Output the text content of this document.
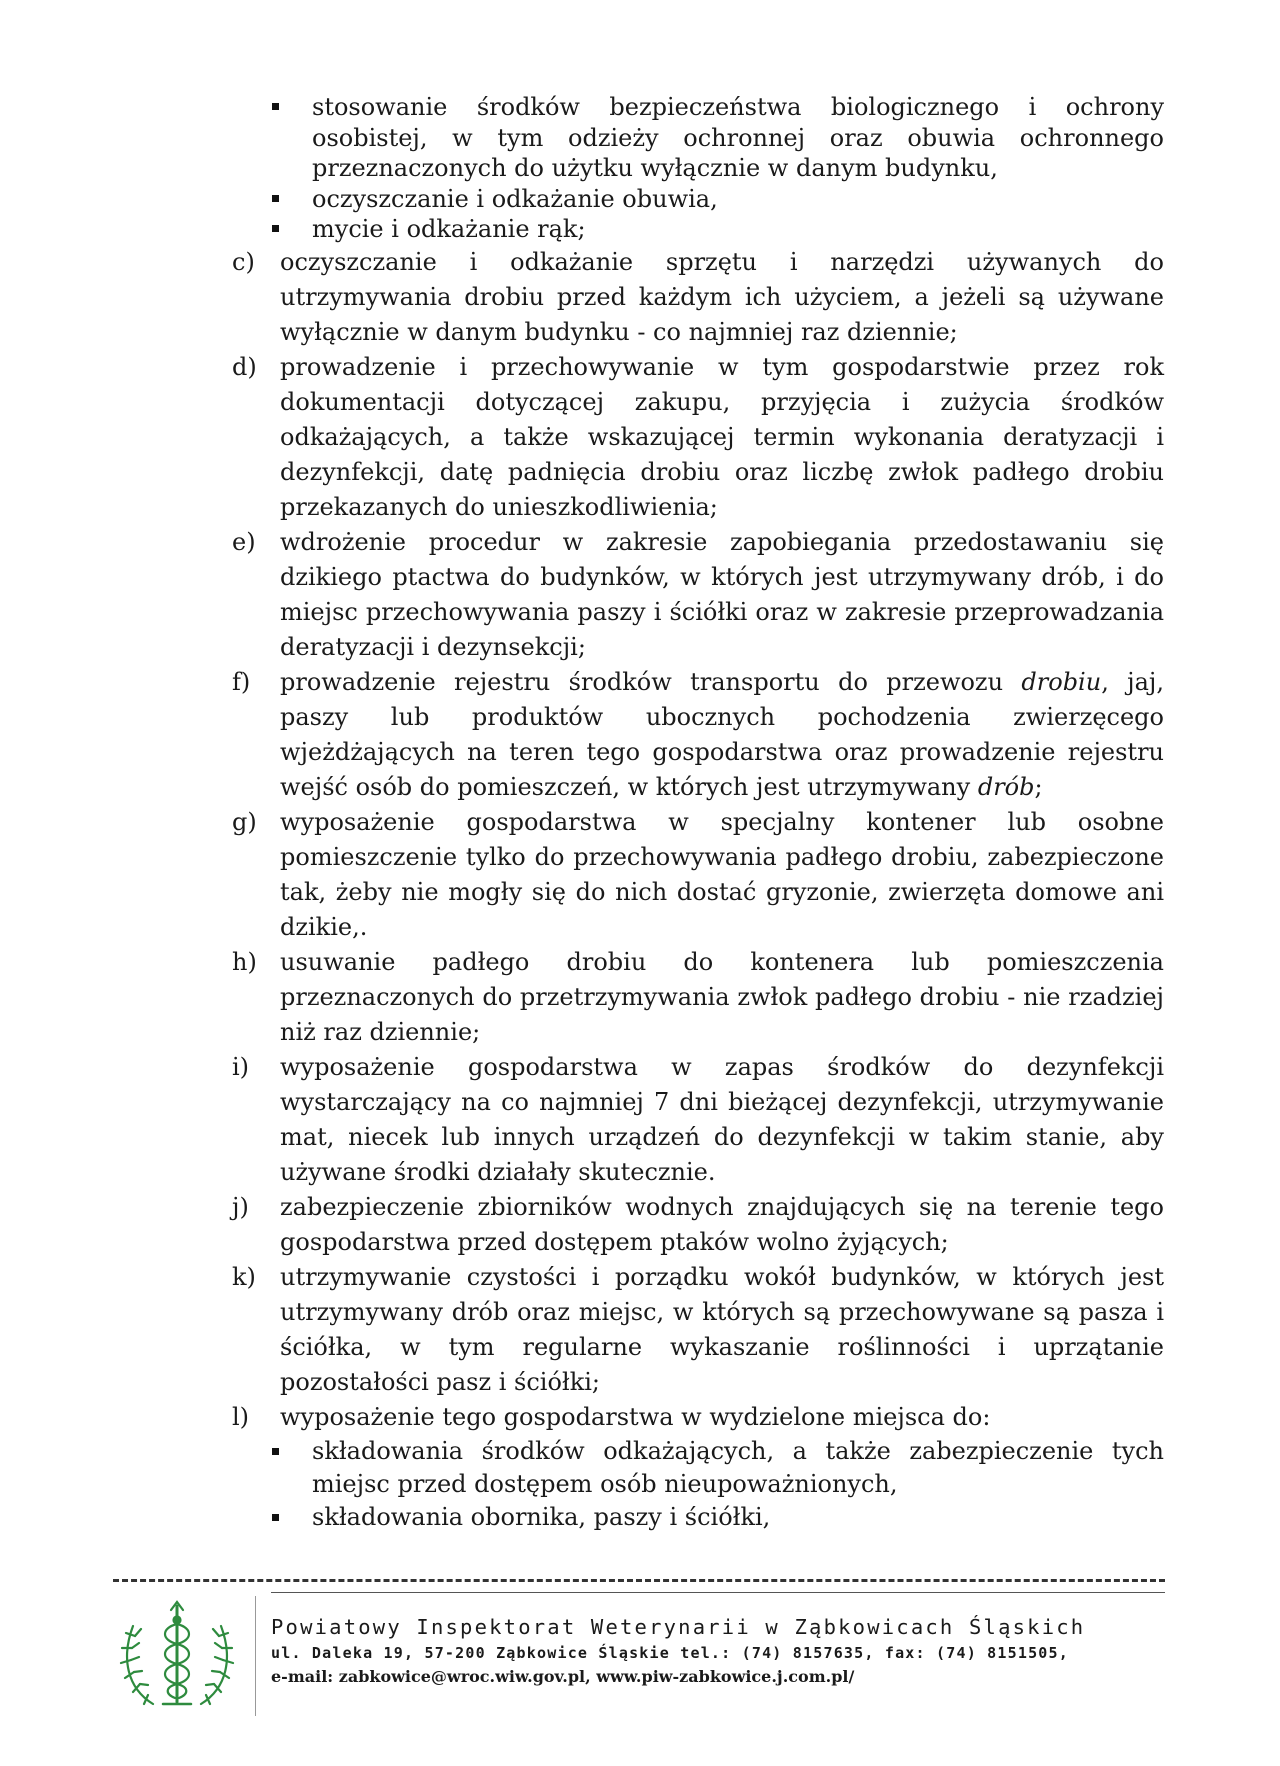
stosowanie środków bezpieczeństwa biologicznego i ochrony osobistej, w tym odzieży ochronnej oraz obuwia ochronnego przeznaczonych do użytku wyłącznie w danym budynku,
oczyszczanie i odkażanie obuwia,
mycie i odkażanie rąk;
c) oczyszczanie i odkażanie sprzętu i narzędzi używanych do utrzymywania drobiu przed każdym ich użyciem, a jeżeli są używane wyłącznie w danym budynku - co najmniej raz dziennie;
d) prowadzenie i przechowywanie w tym gospodarstwie przez rok dokumentacji dotyczącej zakupu, przyjęcia i zużycia środków odkażających, a także wskazującej termin wykonania deratyzacji i dezynfekcji, datę padnięcia drobiu oraz liczbę zwłok padłego drobiu przekazanych do unieszkodliwienia;
e) wdrożenie procedur w zakresie zapobiegania przedostawaniu się dzikiego ptactwa do budynków, w których jest utrzymywany drób, i do miejsc przechowywania paszy i ściółki oraz w zakresie przeprowadzania deratyzacji i dezynsekcji;
f) prowadzenie rejestru środków transportu do przewozu drobiu, jaj, paszy lub produktów ubocznych pochodzenia zwierzęcego wjeżdżających na teren tego gospodarstwa oraz prowadzenie rejestru wejść osób do pomieszczeń, w których jest utrzymywany drób;
g) wyposażenie gospodarstwa w specjalny kontener lub osobne pomieszczenie tylko do przechowywania padłego drobiu, zabezpieczone tak, żeby nie mogły się do nich dostać gryzonie, zwierzęta domowe ani dzikie,.
h) usuwanie padłego drobiu do kontenera lub pomieszczenia przeznaczonych do przetrzymywania zwłok padłego drobiu - nie rzadziej niż raz dziennie;
i) wyposażenie gospodarstwa w zapas środków do dezynfekcji wystarczający na co najmniej 7 dni bieżącej dezynfekcji, utrzymywanie mat, niecek lub innych urządzeń do dezynfekcji w takim stanie, aby używane środki działały skutecznie.
j) zabezpieczenie zbiorników wodnych znajdujących się na terenie tego gospodarstwa przed dostępem ptaków wolno żyjących;
k) utrzymywanie czystości i porządku wokół budynków, w których jest utrzymywany drób oraz miejsc, w których są przechowywane są pasza i ściółka, w tym regularne wykaszanie roślinności i uprzątanie pozostałości pasz i ściółki;
l) wyposażenie tego gospodarstwa w wydzielone miejsca do:
składowania środków odkażających, a także zabezpieczenie tych miejsc przed dostępem osób nieupoważnionych,
składowania obornika, paszy i ściółki,
Powiatowy Inspektorat Weterynarii w Ząbkowicach Śląskich
ul. Daleka 19, 57-200 Ząbkowice Śląskie tel.: (74) 8157635, fax: (74) 8151505,
e-mail: zabkowice@wroc.wiw.gov.pl, www.piw-zabkowice.j.com.pl/
